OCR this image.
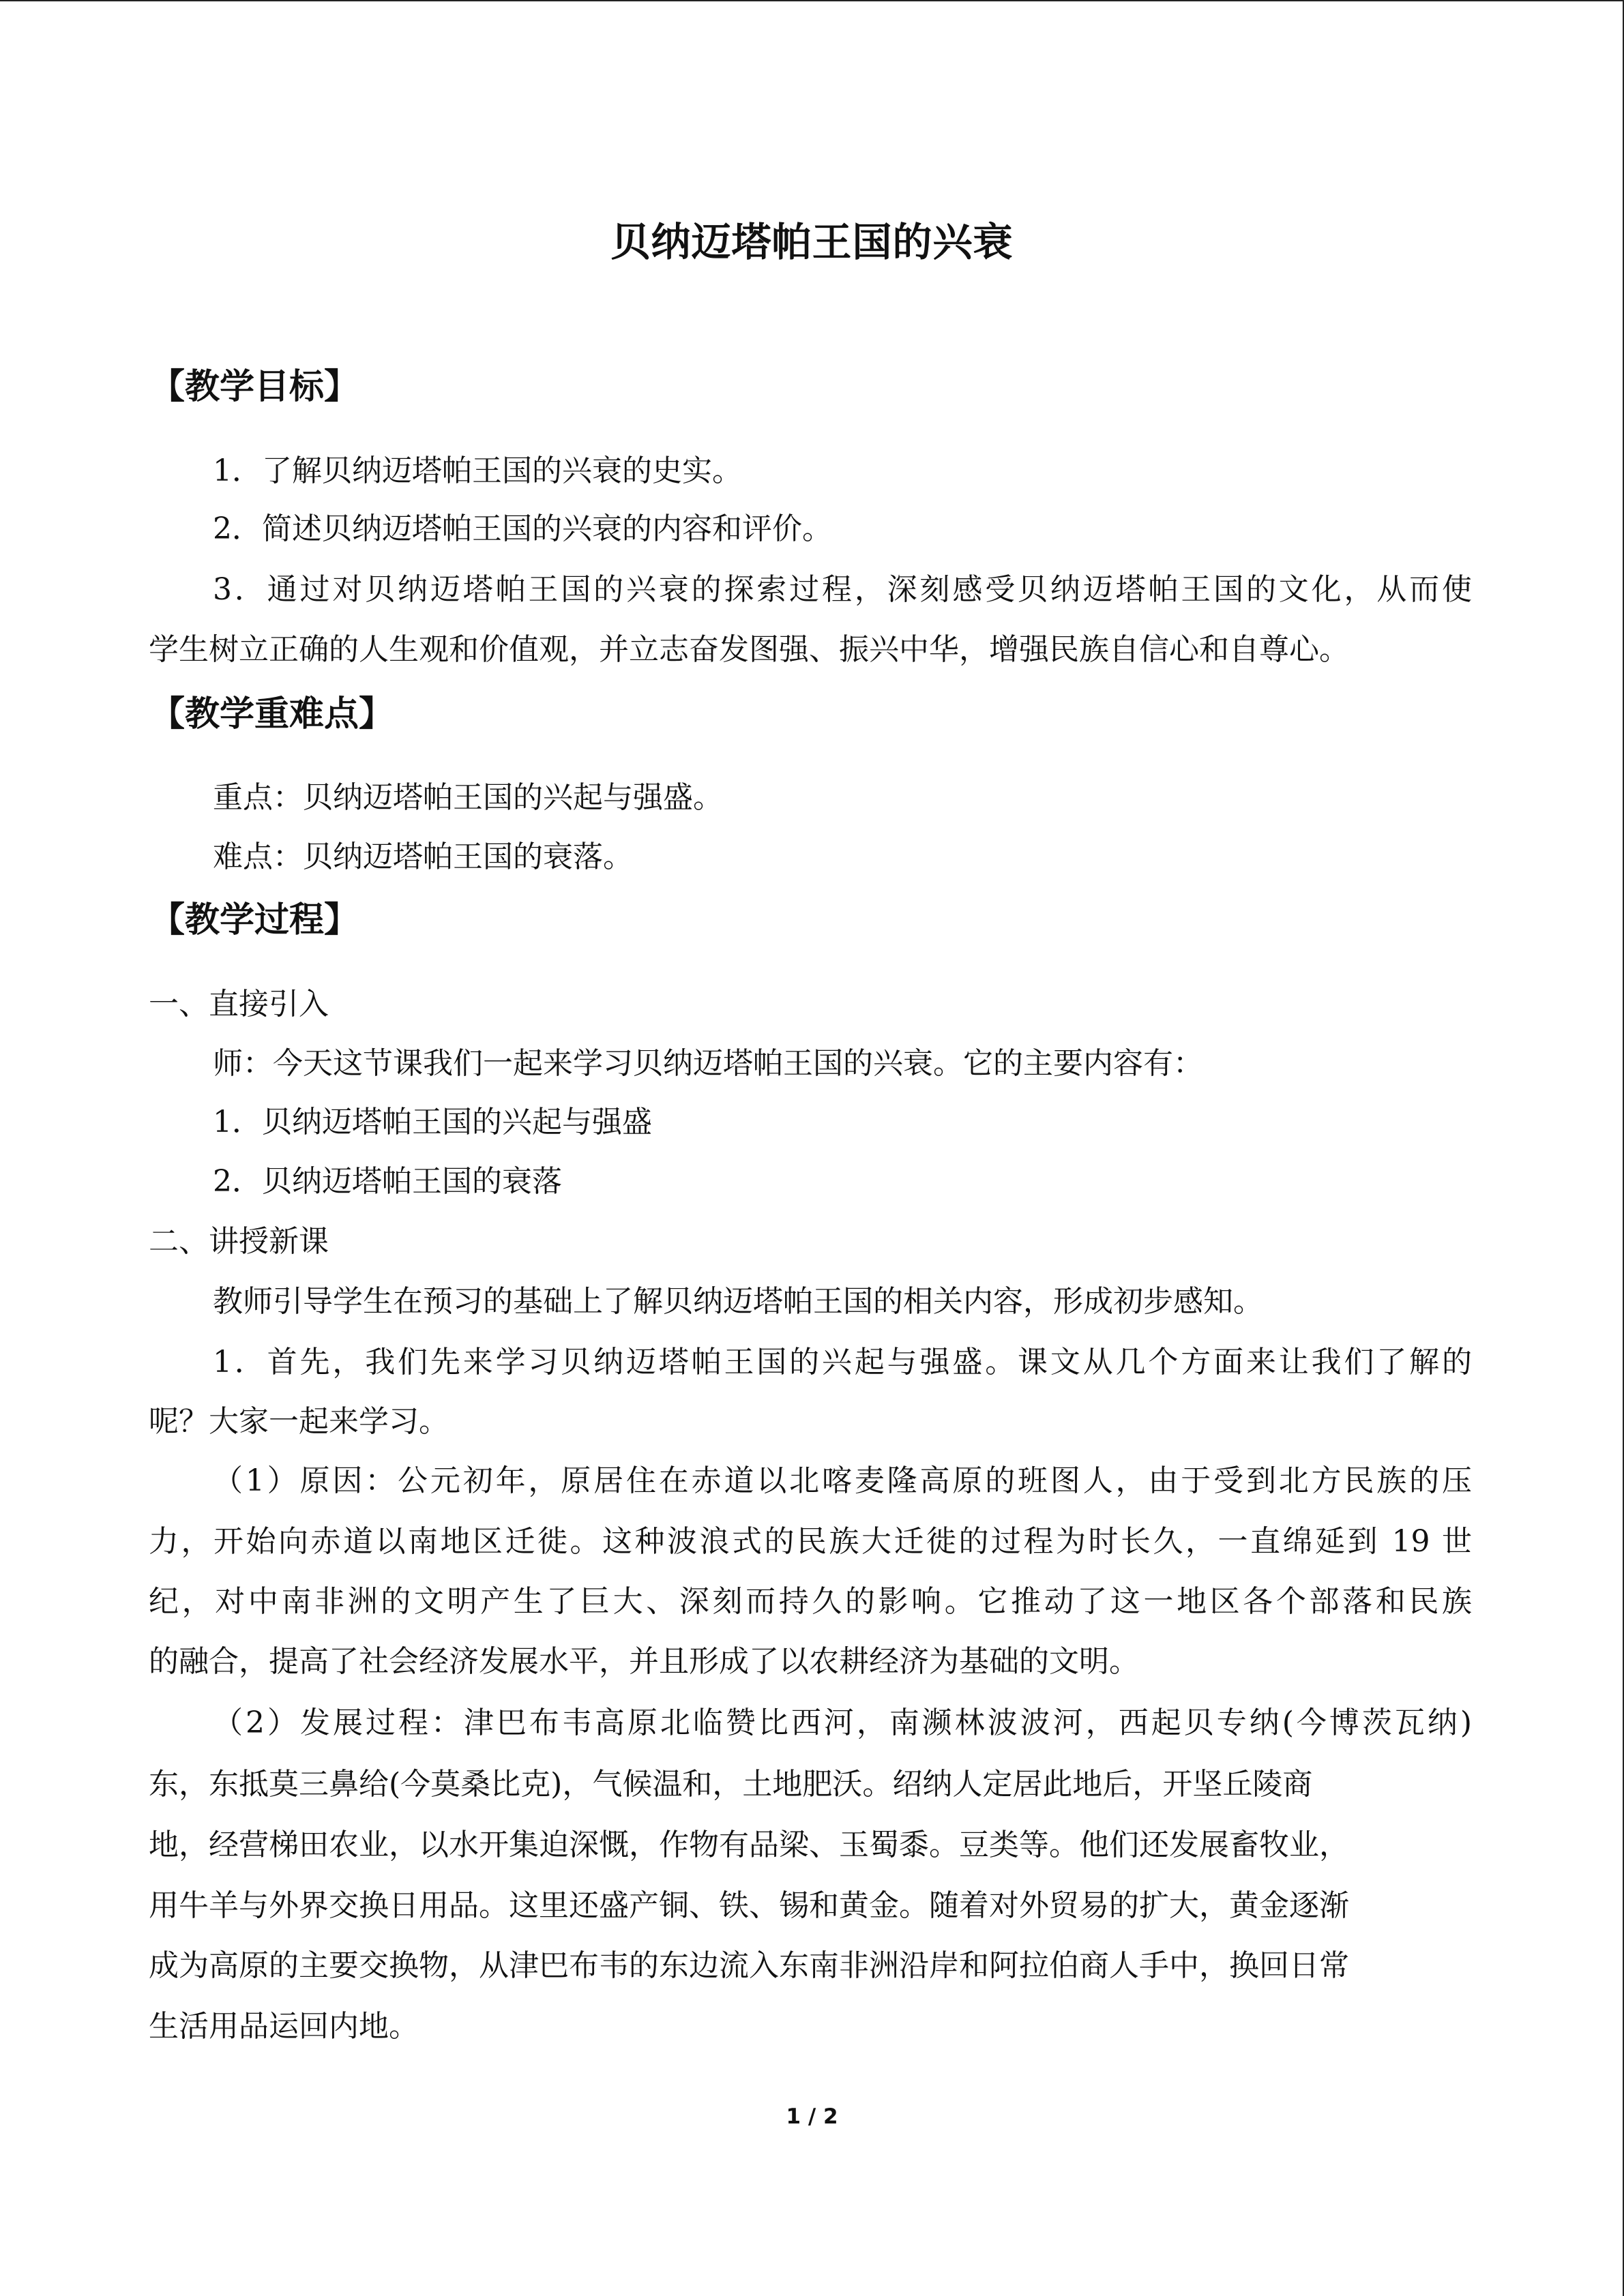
贝纳迈塔帕王国的兴衰
【教学目标】

1．了解贝纳迈塔帕王国的兴衰的史实。

2．简述贝纳迈塔帕王国的兴衰的内容和评价。

3．通过对贝纳迈塔帕王国的兴衰的探索过程，深刻感受贝纳迈塔帕王国的文化，从而使

学生树立正确的人生观和价值观，并立志奋发图强、振兴中华，增强民族自信心和自尊心。

【教学重难点】

重点：贝纳迈塔帕王国的兴起与强盛。

难点：贝纳迈塔帕王国的衰落。

【教学过程】

一、直接引入

师：今天这节课我们一起来学习贝纳迈塔帕王国的兴衰。它的主要内容有：

1．贝纳迈塔帕王国的兴起与强盛

2．贝纳迈塔帕王国的衰落

二、讲授新课

教师引导学生在预习的基础上了解贝纳迈塔帕王国的相关内容，形成初步感知。

1．首先，我们先来学习贝纳迈塔帕王国的兴起与强盛。课文从几个方面来让我们了解的

呢？大家一起来学习。

（1）原因：公元初年，原居住在赤道以北喀麦隆高原的班图人，由于受到北方民族的压

力，开始向赤道以南地区迁徙。这种波浪式的民族大迁徙的过程为时长久，一直绵延到 19 世

纪，对中南非洲的文明产生了巨大、深刻而持久的影响。它推动了这一地区各个部落和民族

的融合，提高了社会经济发展水平，并且形成了以农耕经济为基础的文明。

（2）发展过程：津巴布韦高原北临赞比西河，南濒林波波河，西起贝专纳(今博茨瓦纳)

东，东抵莫三鼻给(今莫桑比克)，气候温和，土地肥沃。绍纳人定居此地后，开坚丘陵商

地，经营梯田农业，以水开集迫深慨，作物有品梁、玉蜀黍。豆类等。他们还发展畜牧业，

用牛羊与外界交换日用品。这里还盛产铜、铁、锡和黄金。随着对外贸易的扩大，黄金逐渐

成为高原的主要交换物，从津巴布韦的东边流入东南非洲沿岸和阿拉伯商人手中，换回日常

生活用品运回内地。

1 / 2
